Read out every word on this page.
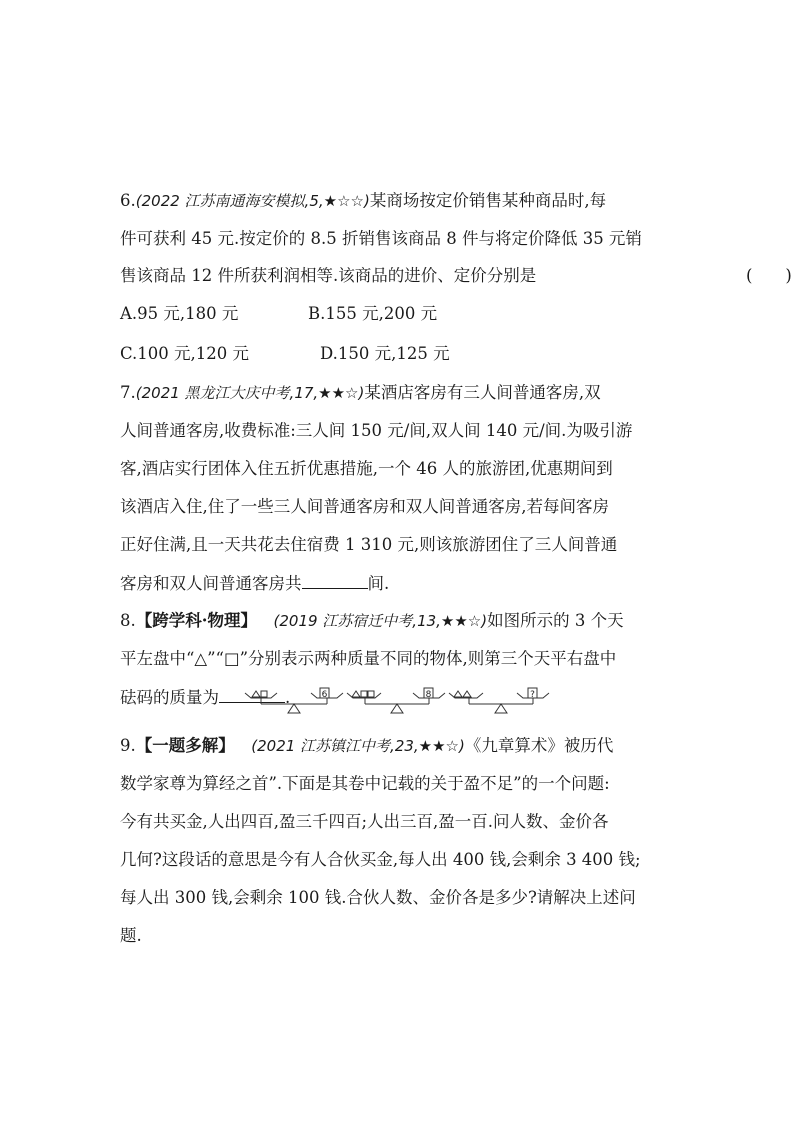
6.(2022 江苏南通海安模拟,5,★☆☆)某商场按定价销售某种商品时,每
件可获利 45 元.按定价的 8.5 折销售该商品 8 件与将定价降低 35 元销
售该商品 12 件所获利润相等.该商品的进价、定价分别是	(　　)
A.95 元,180 元	B.155 元,200 元
C.100 元,120 元	D.150 元,125 元
7.(2021 黑龙江大庆中考,17,★★☆)某酒店客房有三人间普通客房,双
人间普通客房,收费标准:三人间 150 元/间,双人间 140 元/间.为吸引游
客,酒店实行团体入住五折优惠措施,一个 46 人的旅游团,优惠期间到
该酒店入住,住了一些三人间普通客房和双人间普通客房,若每间客房
正好住满,且一天共花去住宿费 1 310 元,则该旅游团住了三人间普通
客房和双人间普通客房共	间.
8.【跨学科·物理】  (2019 江苏宿迁中考,13,★★☆)如图所示的 3 个天
平左盘中“△”“□”分别表示两种质量不同的物体,则第三个天平右盘中
砝码的质量为	.	6	8	?
9.【一题多解】  (2021 江苏镇江中考,23,★★☆)《九章算术》被历代
数学家尊为算经之首”.下面是其卷中记载的关于盈不足”的一个问题:
今有共买金,人出四百,盈三千四百;人出三百,盈一百.问人数、金价各
几何?这段话的意思是今有人合伙买金,每人出 400 钱,会剩余 3 400 钱;
每人出 300 钱,会剩余 100 钱.合伙人数、金价各是多少?请解决上述问
题.
